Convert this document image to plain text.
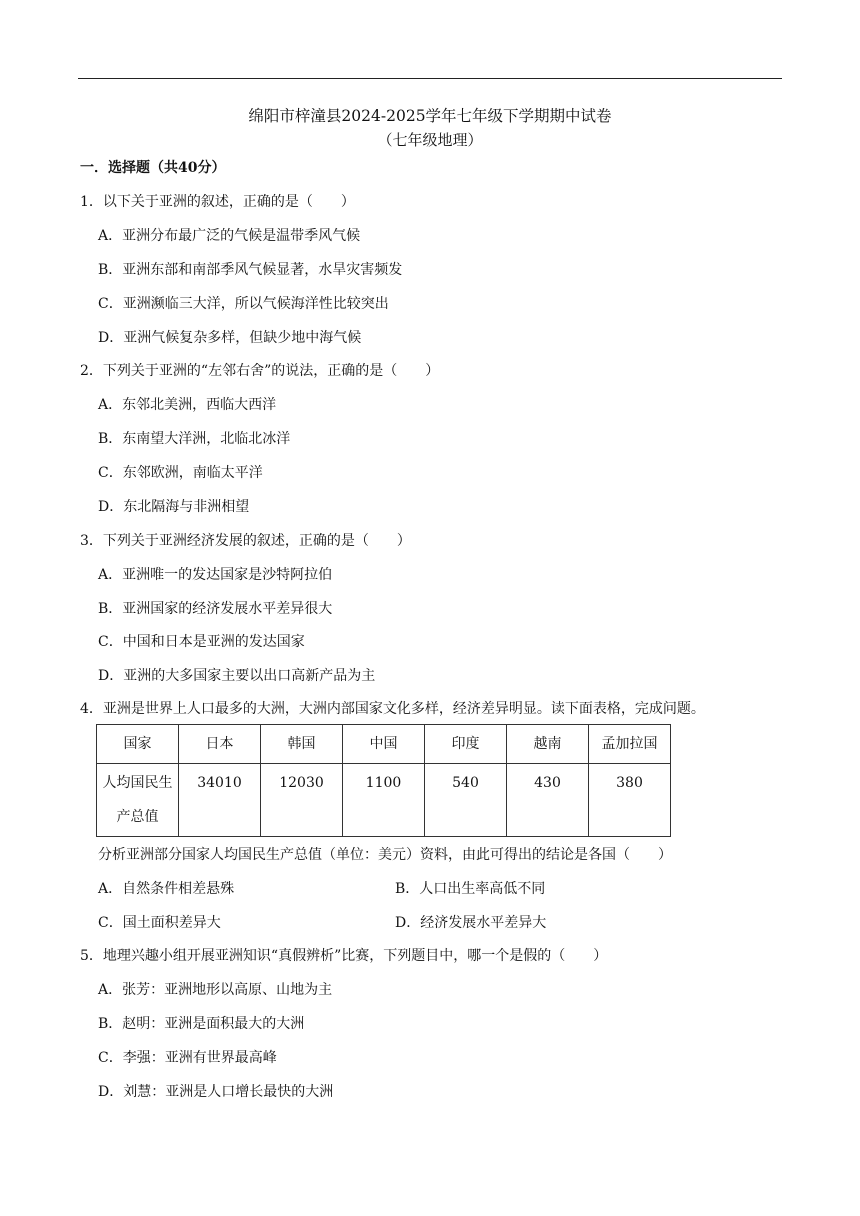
绵阳市梓潼县2024-2025学年七年级下学期期中试卷
（七年级地理）
一．选择题（共40分）
1．以下关于亚洲的叙述，正确的是（　　）
A．亚洲分布最广泛的气候是温带季风气候
B．亚洲东部和南部季风气候显著，水旱灾害频发
C．亚洲濒临三大洋，所以气候海洋性比较突出
D．亚洲气候复杂多样，但缺少地中海气候
2．下列关于亚洲的“左邻右舍”的说法，正确的是（　　）
A．东邻北美洲，西临大西洋
B．东南望大洋洲，北临北冰洋
C．东邻欧洲，南临太平洋
D．东北隔海与非洲相望
3．下列关于亚洲经济发展的叙述，正确的是（　　）
A．亚洲唯一的发达国家是沙特阿拉伯
B．亚洲国家的经济发展水平差异很大
C．中国和日本是亚洲的发达国家
D．亚洲的大多国家主要以出口高新产品为主
4．亚洲是世界上人口最多的大洲，大洲内部国家文化多样，经济差异明显。读下面表格，完成问题。
国家	日本	韩国	中国	印度	越南	孟加拉国
人均国民生
产总值	34010	12030	1100	540	430	380
分析亚洲部分国家人均国民生产总值（单位：美元）资料，由此可得出的结论是各国（　　）
A．自然条件相差悬殊	B．人口出生率高低不同
C．国土面积差异大	D．经济发展水平差异大
5．地理兴趣小组开展亚洲知识“真假辨析”比赛，下列题目中，哪一个是假的（　　）
A．张芳：亚洲地形以高原、山地为主
B．赵明：亚洲是面积最大的大洲
C．李强：亚洲有世界最高峰
D．刘慧：亚洲是人口增长最快的大洲
